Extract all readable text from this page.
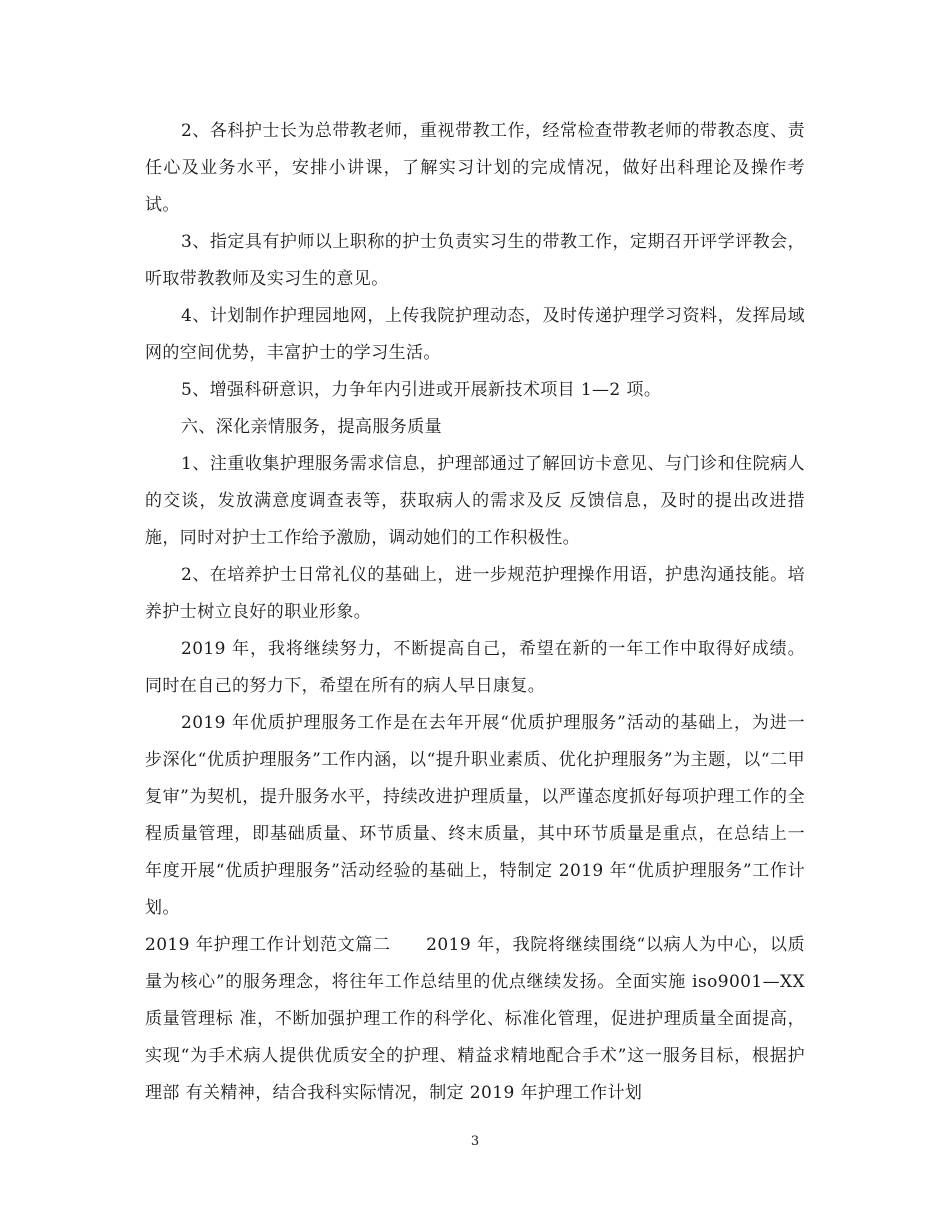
2、各科护士长为总带教老师，重视带教工作，经常检查带教老师的带教态度、责任心及业务水平，安排小讲课，了解实习计划的完成情况，做好出科理论及操作考试。

3、指定具有护师以上职称的护士负责实习生的带教工作，定期召开评学评教会，听取带教教师及实习生的意见。

4、计划制作护理园地网，上传我院护理动态，及时传递护理学习资料，发挥局域网的空间优势，丰富护士的学习生活。

5、增强科研意识，力争年内引进或开展新技术项目 1—2 项。

六、深化亲情服务，提高服务质量

1、注重收集护理服务需求信息，护理部通过了解回访卡意见、与门诊和住院病人的交谈，发放满意度调查表等，获取病人的需求及反 反馈信息，及时的提出改进措施，同时对护士工作给予激励，调动她们的工作积极性。

2、在培养护士日常礼仪的基础上，进一步规范护理操作用语，护患沟通技能。培养护士树立良好的职业形象。

2019 年，我将继续努力，不断提高自己，希望在新的一年工作中取得好成绩。同时在自己的努力下，希望在所有的病人早日康复。

2019 年优质护理服务工作是在去年开展“优质护理服务”活动的基础上，为进一步深化“优质护理服务”工作内涵，以“提升职业素质、优化护理服务”为主题，以“二甲复审”为契机，提升服务水平，持续改进护理质量，以严谨态度抓好每项护理工作的全程质量管理，即基础质量、环节质量、终末质量，其中环节质量是重点，在总结上一年度开展“优质护理服务”活动经验的基础上，特制定 2019 年“优质护理服务”工作计划。

2019 年护理工作计划范文篇二　　2019 年，我院将继续围绕“以病人为中心，以质量为核心”的服务理念，将往年工作总结里的优点继续发扬。全面实施 iso9001—XX 质量管理标 准，不断加强护理工作的科学化、标准化管理，促进护理质量全面提高，实现“为手术病人提供优质安全的护理、精益求精地配合手术”这一服务目标，根据护理部 有关精神，结合我科实际情况，制定 2019 年护理工作计划

3
